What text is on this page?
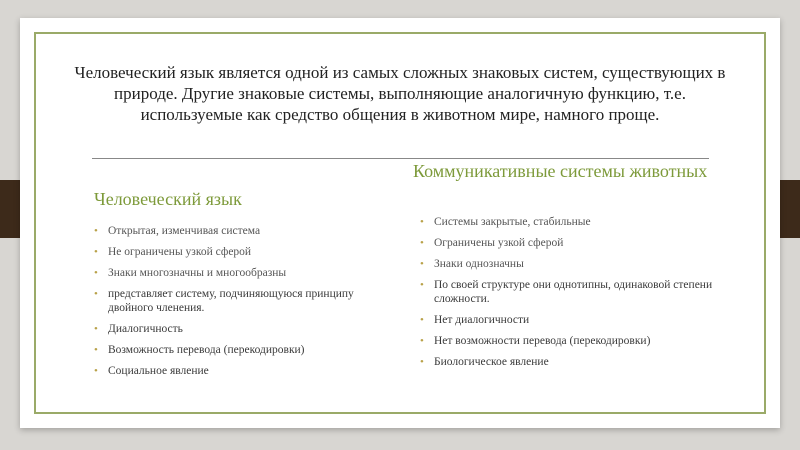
Человеческий язык является одной из самых сложных знаковых систем, существующих в природе. Другие знаковые системы, выполняющие аналогичную функцию, т.е. используемые как средство общения в животном мире, намного проще.
Человеческий язык
Коммуникативные системы животных
• Открытая, изменчивая система
• Не ограничены узкой сферой
• Знаки многозначны и многообразны
• представляет систему, подчиняющуюся принципу двойного членения.
• Диалогичность
• Возможность перевода (перекодировки)
• Социальное явление
• Системы закрытые, стабильные
• Ограничены узкой сферой
• Знаки однозначны
• По своей структуре они однотипны, одинаковой степени сложности.
• Нет диалогичности
• Нет возможности перевода (перекодировки)
• Биологическое явление
